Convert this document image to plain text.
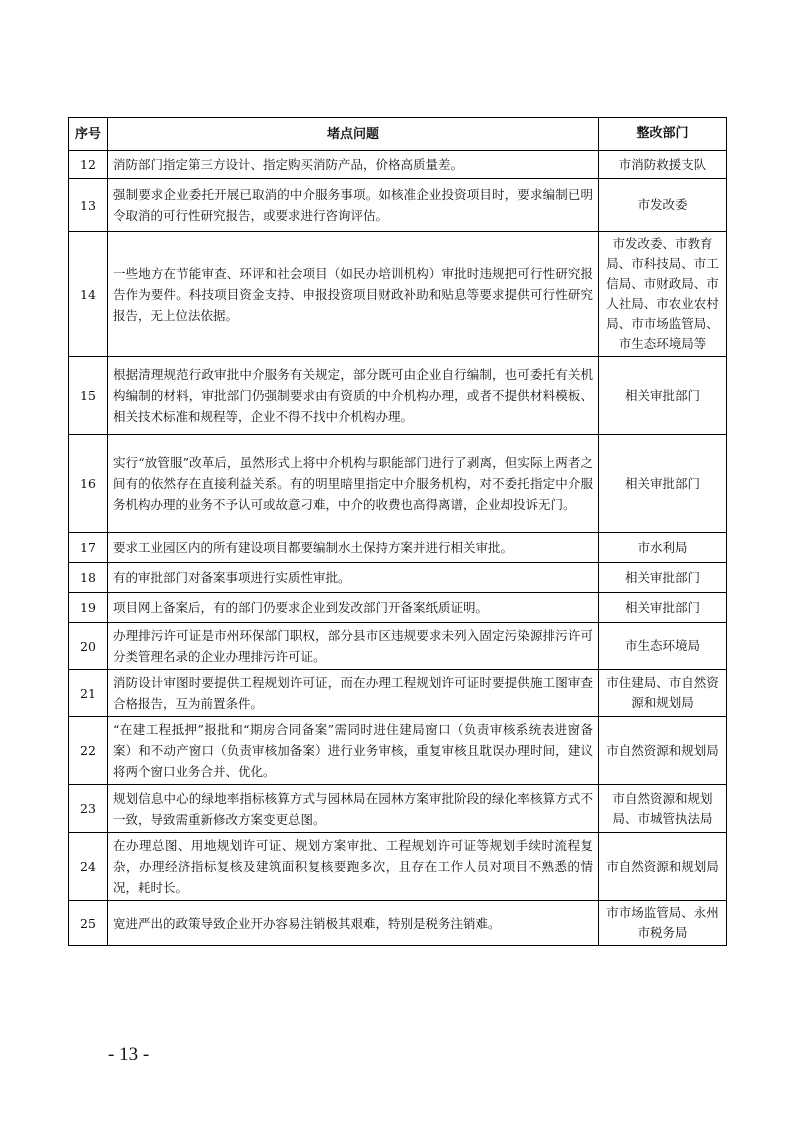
序号	堵点问题	整改部门
12	消防部门指定第三方设计、指定购买消防产品，价格高质量差。	市消防救援支队
13	强制要求企业委托开展已取消的中介服务事项。如核准企业投资项目时，要求编制已明令取消的可行性研究报告，或要求进行咨询评估。	市发改委
14	一些地方在节能审查、环评和社会项目（如民办培训机构）审批时违规把可行性研究报告作为要件。科技项目资金支持、申报投资项目财政补助和贴息等要求提供可行性研究报告，无上位法依据。	市发改委、市教育局、市科技局、市工信局、市财政局、市人社局、市农业农村局、市市场监管局、市生态环境局等
15	根据清理规范行政审批中介服务有关规定，部分既可由企业自行编制，也可委托有关机构编制的材料，审批部门仍强制要求由有资质的中介机构办理，或者不提供材料模板、相关技术标准和规程等，企业不得不找中介机构办理。	相关审批部门
16	实行“放管服”改革后，虽然形式上将中介机构与职能部门进行了剥离，但实际上两者之间有的依然存在直接利益关系。有的明里暗里指定中介服务机构，对不委托指定中介服务机构办理的业务不予认可或故意刁难，中介的收费也高得离谱，企业却投诉无门。	相关审批部门
17	要求工业园区内的所有建设项目都要编制水土保持方案并进行相关审批。	市水利局
18	有的审批部门对备案事项进行实质性审批。	相关审批部门
19	项目网上备案后，有的部门仍要求企业到发改部门开备案纸质证明。	相关审批部门
20	办理排污许可证是市州环保部门职权，部分县市区违规要求未列入固定污染源排污许可分类管理名录的企业办理排污许可证。	市生态环境局
21	消防设计审图时要提供工程规划许可证，而在办理工程规划许可证时要提供施工图审查合格报告，互为前置条件。	市住建局、市自然资源和规划局
22	“在建工程抵押”报批和“期房合同备案”需同时进住建局窗口（负责审核系统表进窗备案）和不动产窗口（负责审核加备案）进行业务审核，重复审核且耽误办理时间，建议将两个窗口业务合并、优化。	市自然资源和规划局
23	规划信息中心的绿地率指标核算方式与园林局在园林方案审批阶段的绿化率核算方式不一致，导致需重新修改方案变更总图。	市自然资源和规划局、市城管执法局
24	在办理总图、用地规划许可证、规划方案审批、工程规划许可证等规划手续时流程复杂，办理经济指标复核及建筑面积复核要跑多次，且存在工作人员对项目不熟悉的情况，耗时长。	市自然资源和规划局
25	宽进严出的政策导致企业开办容易注销极其艰难，特别是税务注销难。	市市场监管局、永州市税务局
- 13 -
